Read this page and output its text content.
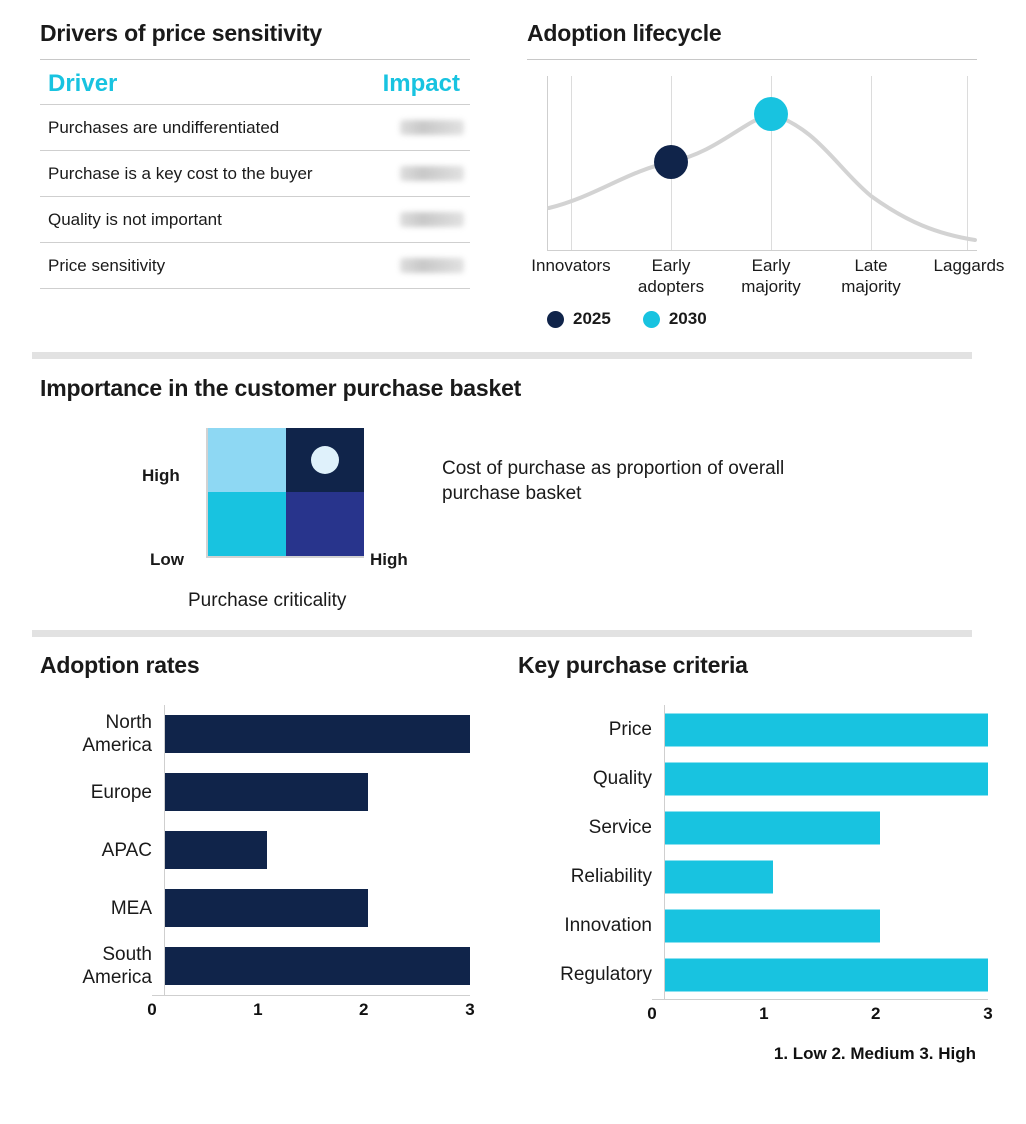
Drivers of price sensitivity
Driver	Impact
Purchases are undifferentiated
Purchase is a key cost to the buyer
Quality is not important
Price sensitivity
Adoption lifecycle
Innovators	Early
adopters
Early
majority
Late
majority
Laggards
2025	2030
Importance in the customer purchase basket
High
Low	High
Purchase criticality
Cost of purchase as proportion of overall purchase basket
Adoption rates
North
America
Europe
APAC
MEA
South
America
0	1	2	3
Key purchase criteria
Price
Quality
Service
Reliability
Innovation
Regulatory
0	1	2	3
1. Low 2. Medium 3. High
